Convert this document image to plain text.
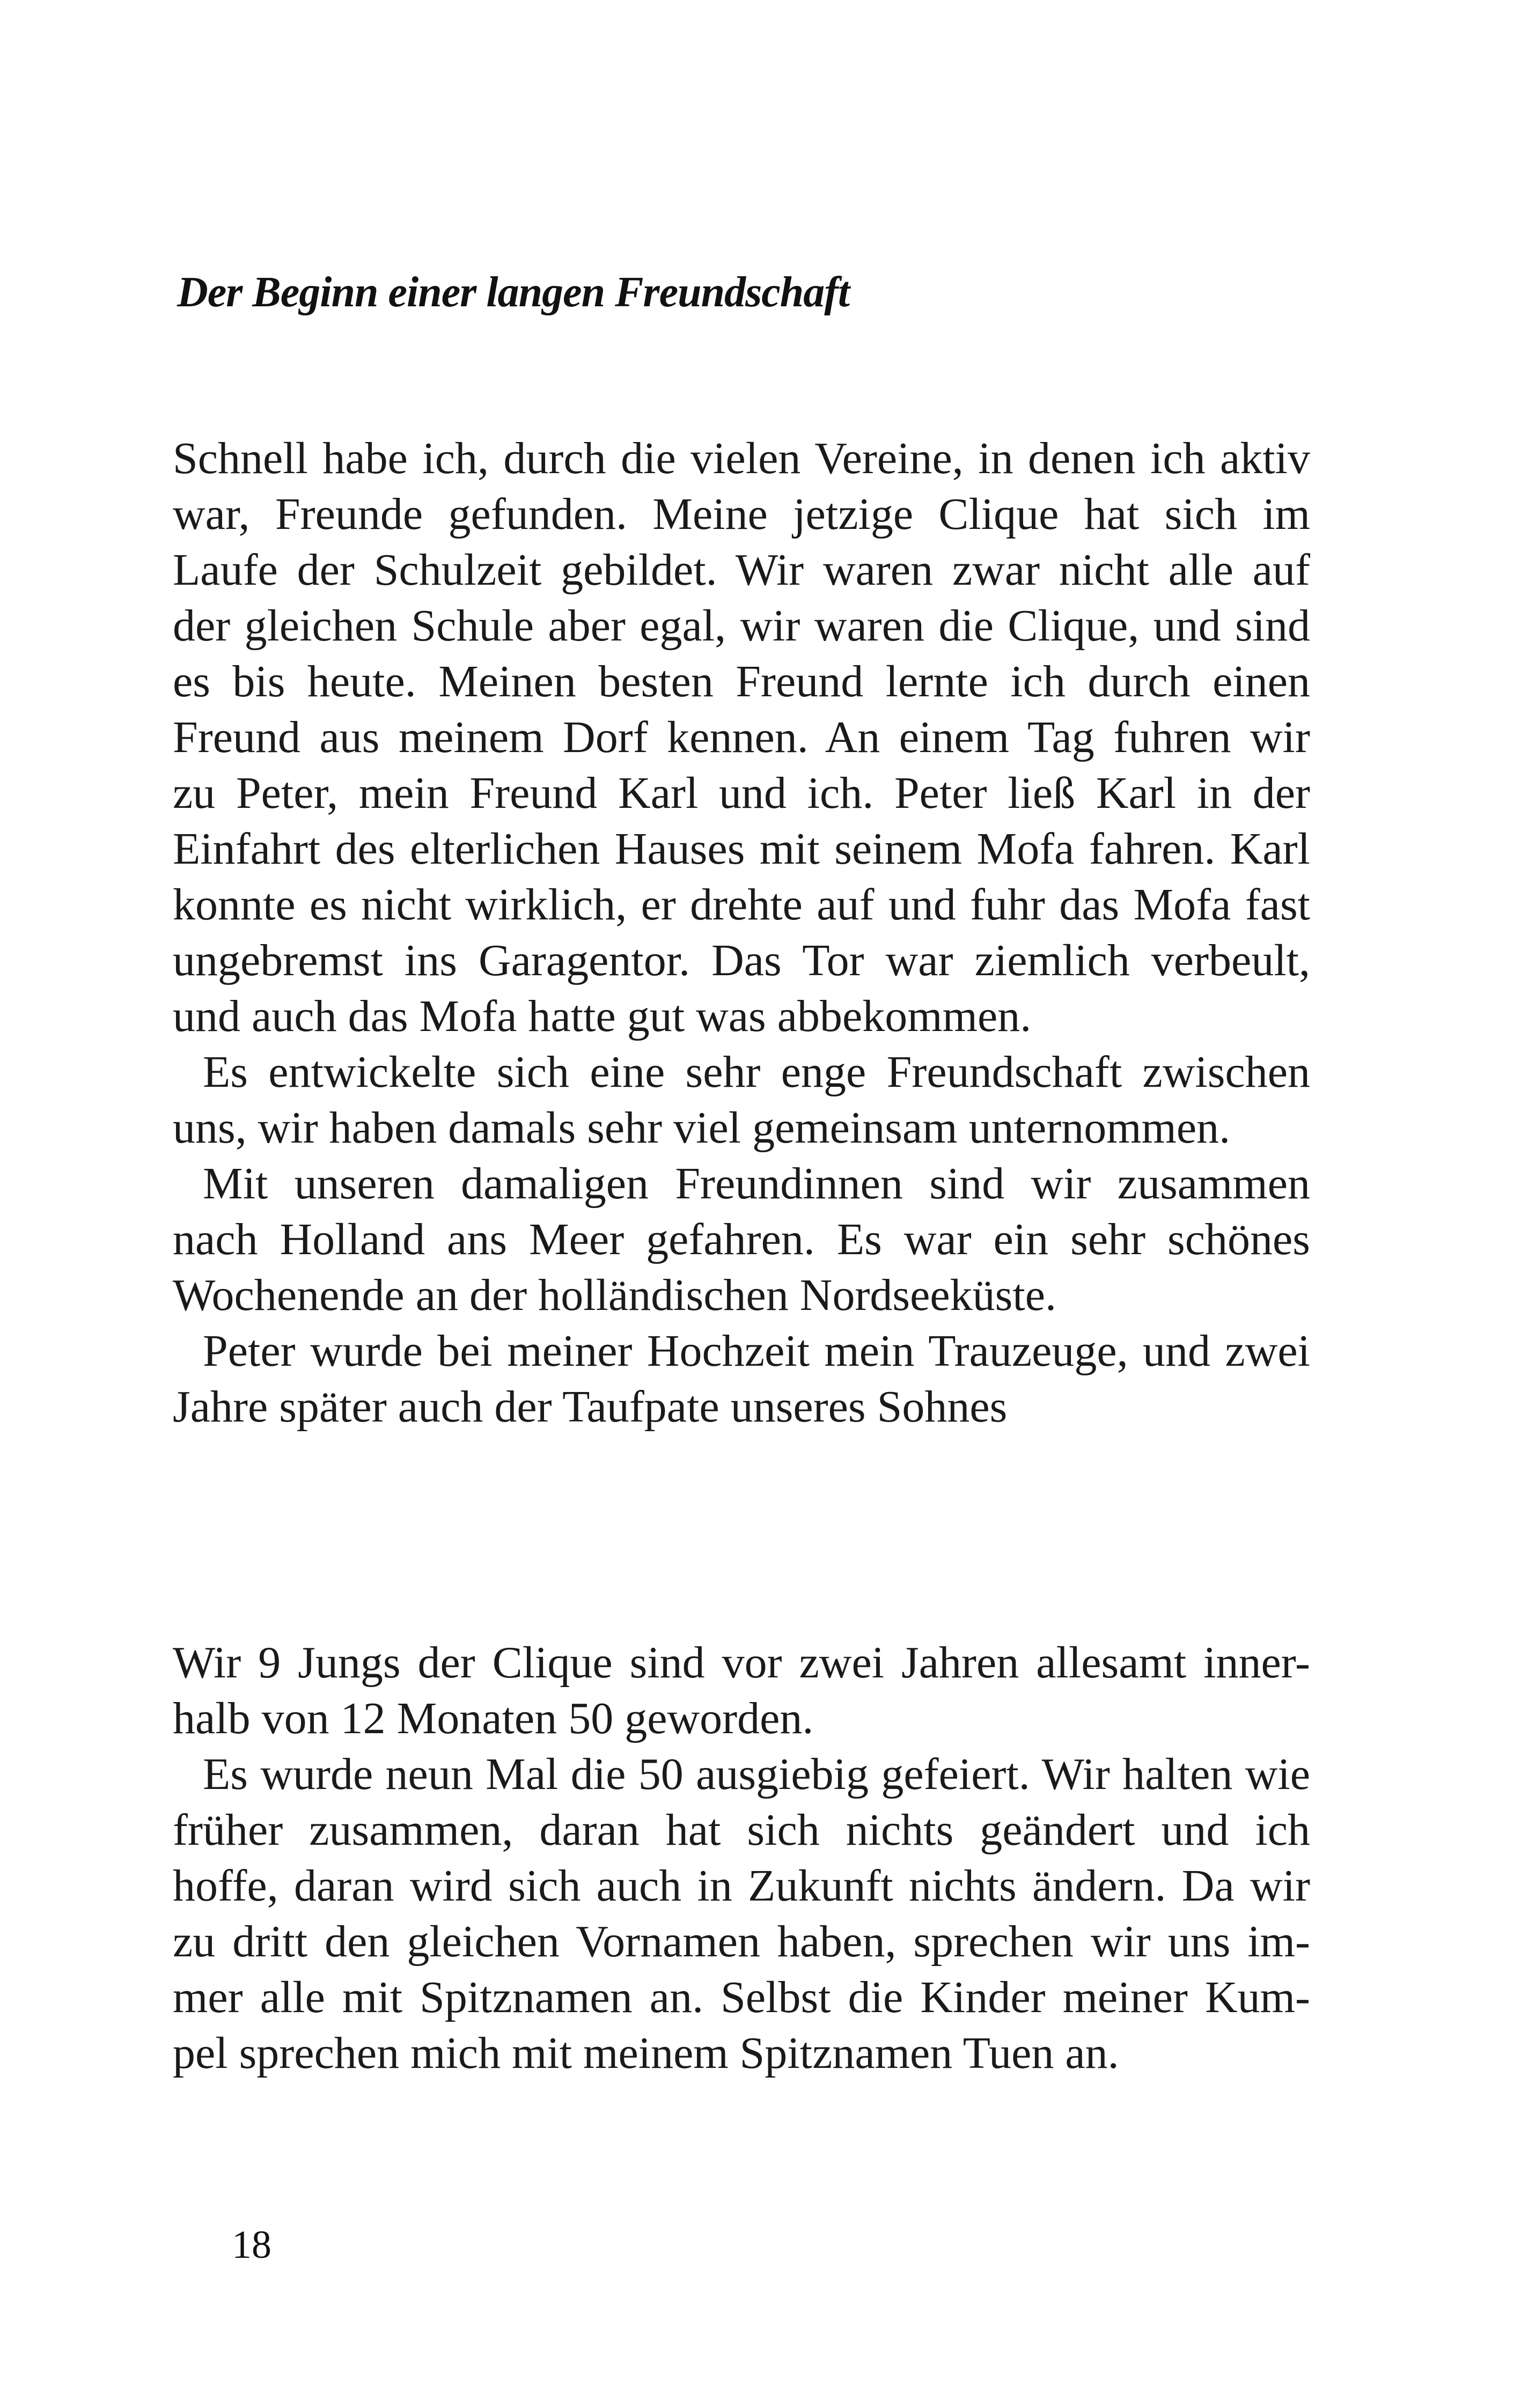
Der Beginn einer langen Freundschaft
Schnell habe ich, durch die vielen Vereine, in denen ich aktiv
war, Freunde gefunden. Meine jetzige Clique hat sich im
Laufe der Schulzeit gebildet. Wir waren zwar nicht alle auf
der gleichen Schule aber egal, wir waren die Clique, und sind
es bis heute. Meinen besten Freund lernte ich durch einen
Freund aus meinem Dorf kennen. An einem Tag fuhren wir
zu Peter, mein Freund Karl und ich. Peter ließ Karl in der
Einfahrt des elterlichen Hauses mit seinem Mofa fahren. Karl
konnte es nicht wirklich, er drehte auf und fuhr das Mofa fast
ungebremst ins Garagentor. Das Tor war ziemlich verbeult,
und auch das Mofa hatte gut was abbekommen.
Es entwickelte sich eine sehr enge Freundschaft zwischen
uns, wir haben damals sehr viel gemeinsam unternommen.
Mit unseren damaligen Freundinnen sind wir zusammen
nach Holland ans Meer gefahren. Es war ein sehr schönes
Wochenende an der holländischen Nordseeküste.
Peter wurde bei meiner Hochzeit mein Trauzeuge, und zwei
Jahre später auch der Taufpate unseres Sohnes
Wir 9 Jungs der Clique sind vor zwei Jahren allesamt inner-
halb von 12 Monaten 50 geworden.
Es wurde neun Mal die 50 ausgiebig gefeiert. Wir halten wie
früher zusammen, daran hat sich nichts geändert und ich
hoffe, daran wird sich auch in Zukunft nichts ändern. Da wir
zu dritt den gleichen Vornamen haben, sprechen wir uns im-
mer alle mit Spitznamen an. Selbst die Kinder meiner Kum-
pel sprechen mich mit meinem Spitznamen Tuen an.
18
